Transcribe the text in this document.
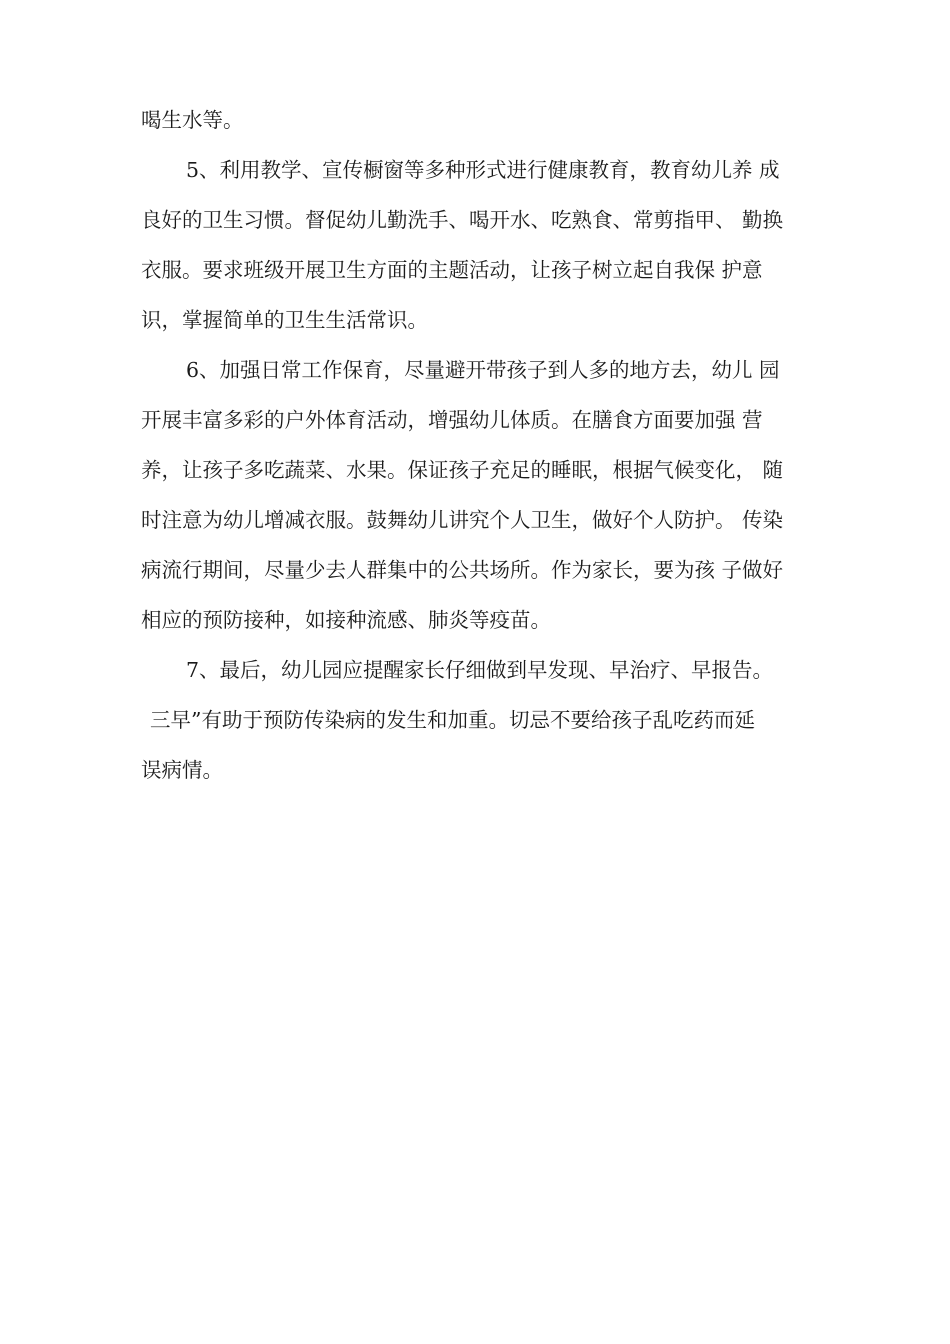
喝生水等。
5、利用教学、宣传橱窗等多种形式进行健康教育，教育幼儿养 成
良好的卫生习惯。督促幼儿勤洗手、喝开水、吃熟食、常剪指甲、 勤换
衣服。要求班级开展卫生方面的主题活动，让孩子树立起自我保 护意
识，掌握简单的卫生生活常识。
6、加强日常工作保育，尽量避开带孩子到人多的地方去，幼儿 园
开展丰富多彩的户外体育活动，增强幼儿体质。在膳食方面要加强 营
养，让孩子多吃蔬菜、水果。保证孩子充足的睡眠，根据气候变化， 随
时注意为幼儿增减衣服。鼓舞幼儿讲究个人卫生，做好个人防护。 传染
病流行期间，尽量少去人群集中的公共场所。作为家长，要为孩 子做好
相应的预防接种，如接种流感、肺炎等疫苗。
7、最后，幼儿园应提醒家长仔细做到早发现、早治疗、早报告。
三早”有助于预防传染病的发生和加重。切忌不要给孩子乱吃药而延
误病情。
